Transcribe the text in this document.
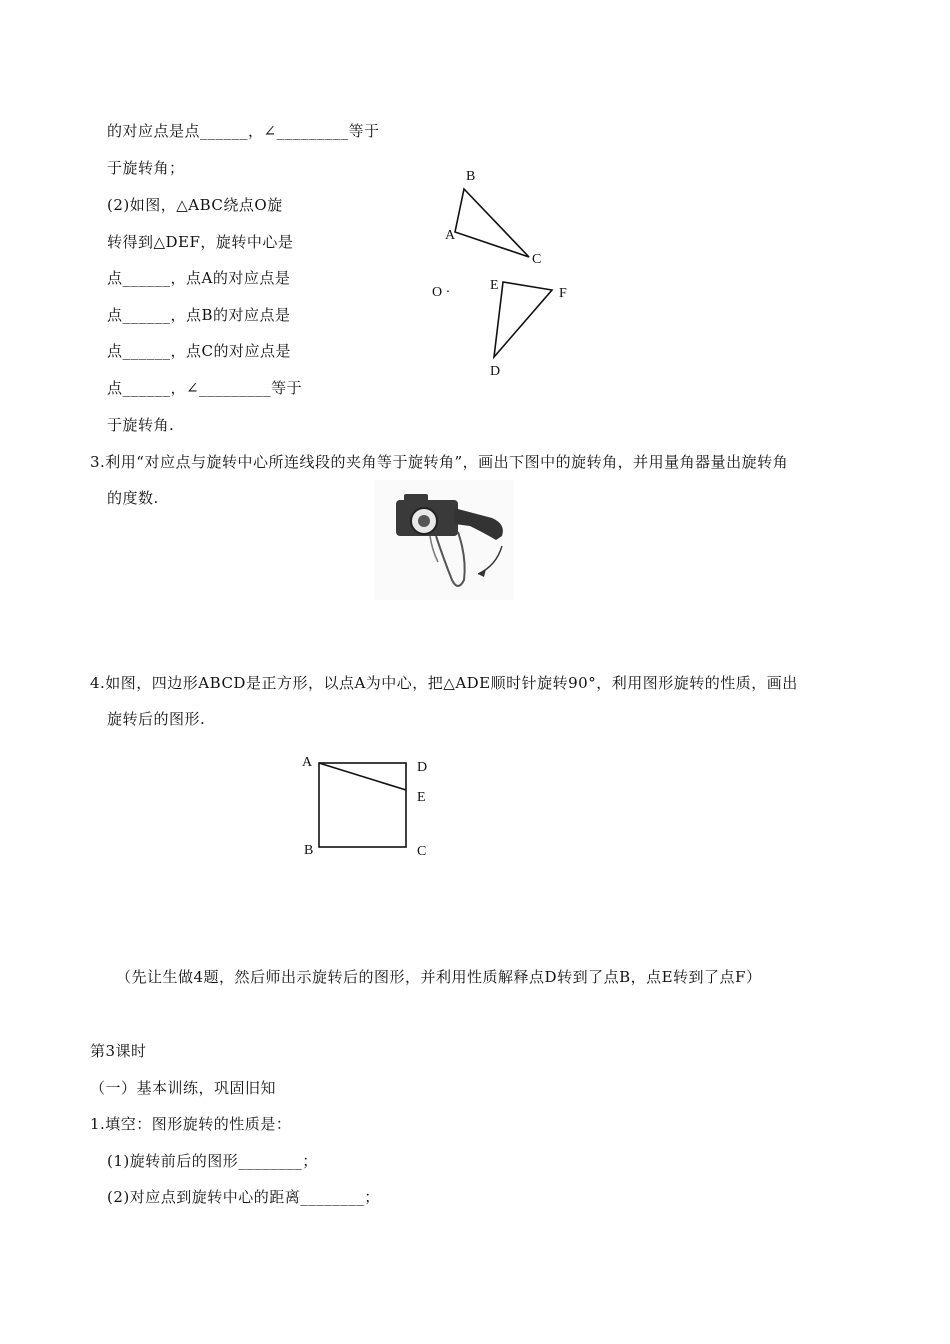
的对应点是点______，∠_________等于
于旋转角；
(2)如图，△ABC绕点O旋
转得到△DEF，旋转中心是
点______，点A的对应点是
点______，点B的对应点是
点______，点C的对应点是
点______，∠_________等于
于旋转角.
B
A
C
O ·	E
F
D
3.利用“对应点与旋转中心所连线段的夹角等于旋转角”，画出下图中的旋转角，并用量角器量出旋转角
的度数.
4.如图，四边形ABCD是正方形，以点A为中心，把△ADE顺时针旋转90°，利用图形旋转的性质，画出
旋转后的图形.
A	D
E
B	C
（先让生做4题，然后师出示旋转后的图形，并利用性质解释点D转到了点B，点E转到了点F）
第3课时
（一）基本训练，巩固旧知
1.填空：图形旋转的性质是：
(1)旋转前后的图形________；
(2)对应点到旋转中心的距离________；
